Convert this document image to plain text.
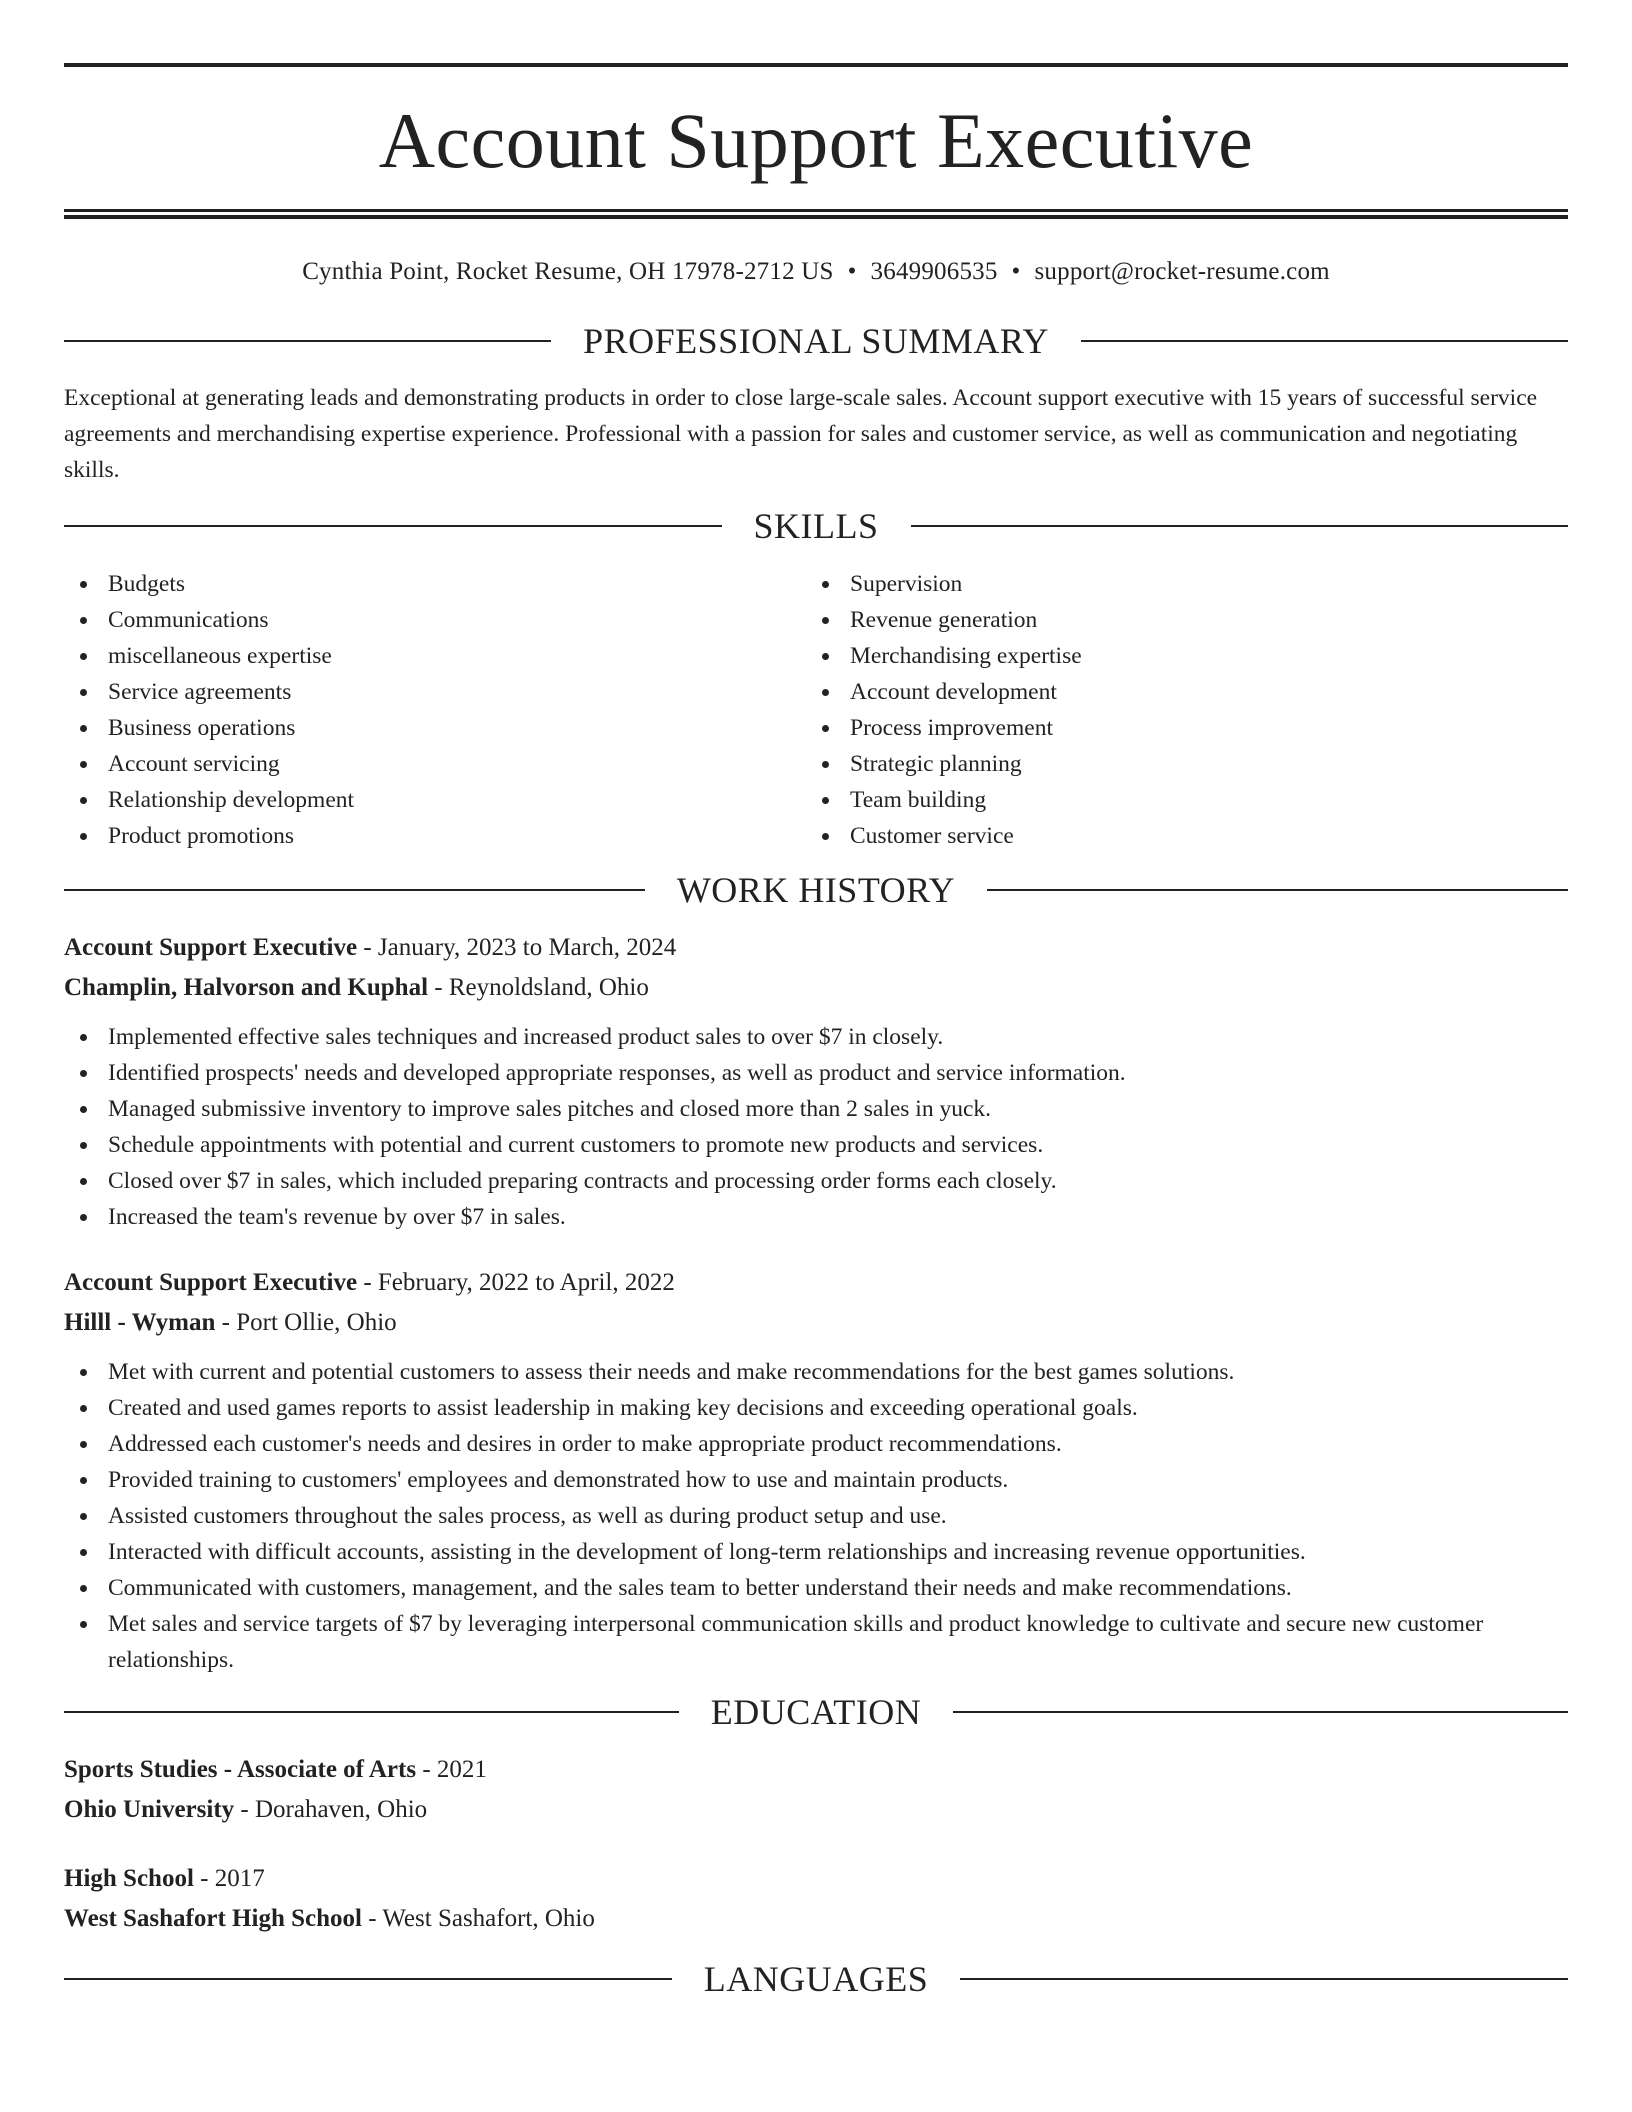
Account Support Executive
Cynthia Point, Rocket Resume, OH 17978-2712 US • 3649906535 • support@rocket-resume.com
PROFESSIONAL SUMMARY

Exceptional at generating leads and demonstrating products in order to close large-scale sales. Account support executive with 15 years of successful service agreements and merchandising expertise experience. Professional with a passion for sales and customer service, as well as communication and negotiating skills.

SKILLS
Budgets
Communications
miscellaneous expertise
Service agreements
Business operations
Account servicing
Relationship development
Product promotions
Supervision
Revenue generation
Merchandising expertise
Account development
Process improvement
Strategic planning
Team building
Customer service
WORK HISTORY
Account Support Executive - January, 2023 to March, 2024
Champlin, Halvorson and Kuphal - Reynoldsland, Ohio
Implemented effective sales techniques and increased product sales to over $7 in closely.
Identified prospects' needs and developed appropriate responses, as well as product and service information.
Managed submissive inventory to improve sales pitches and closed more than 2 sales in yuck.
Schedule appointments with potential and current customers to promote new products and services.
Closed over $7 in sales, which included preparing contracts and processing order forms each closely.
Increased the team's revenue by over $7 in sales.
Account Support Executive - February, 2022 to April, 2022
Hilll - Wyman - Port Ollie, Ohio
Met with current and potential customers to assess their needs and make recommendations for the best games solutions.
Created and used games reports to assist leadership in making key decisions and exceeding operational goals.
Addressed each customer's needs and desires in order to make appropriate product recommendations.
Provided training to customers' employees and demonstrated how to use and maintain products.
Assisted customers throughout the sales process, as well as during product setup and use.
Interacted with difficult accounts, assisting in the development of long-term relationships and increasing revenue opportunities.
Communicated with customers, management, and the sales team to better understand their needs and make recommendations.
Met sales and service targets of $7 by leveraging interpersonal communication skills and product knowledge to cultivate and secure new customer relationships.
EDUCATION
Sports Studies - Associate of Arts - 2021
Ohio University - Dorahaven, Ohio
High School - 2017
West Sashafort High School - West Sashafort, Ohio
LANGUAGES
